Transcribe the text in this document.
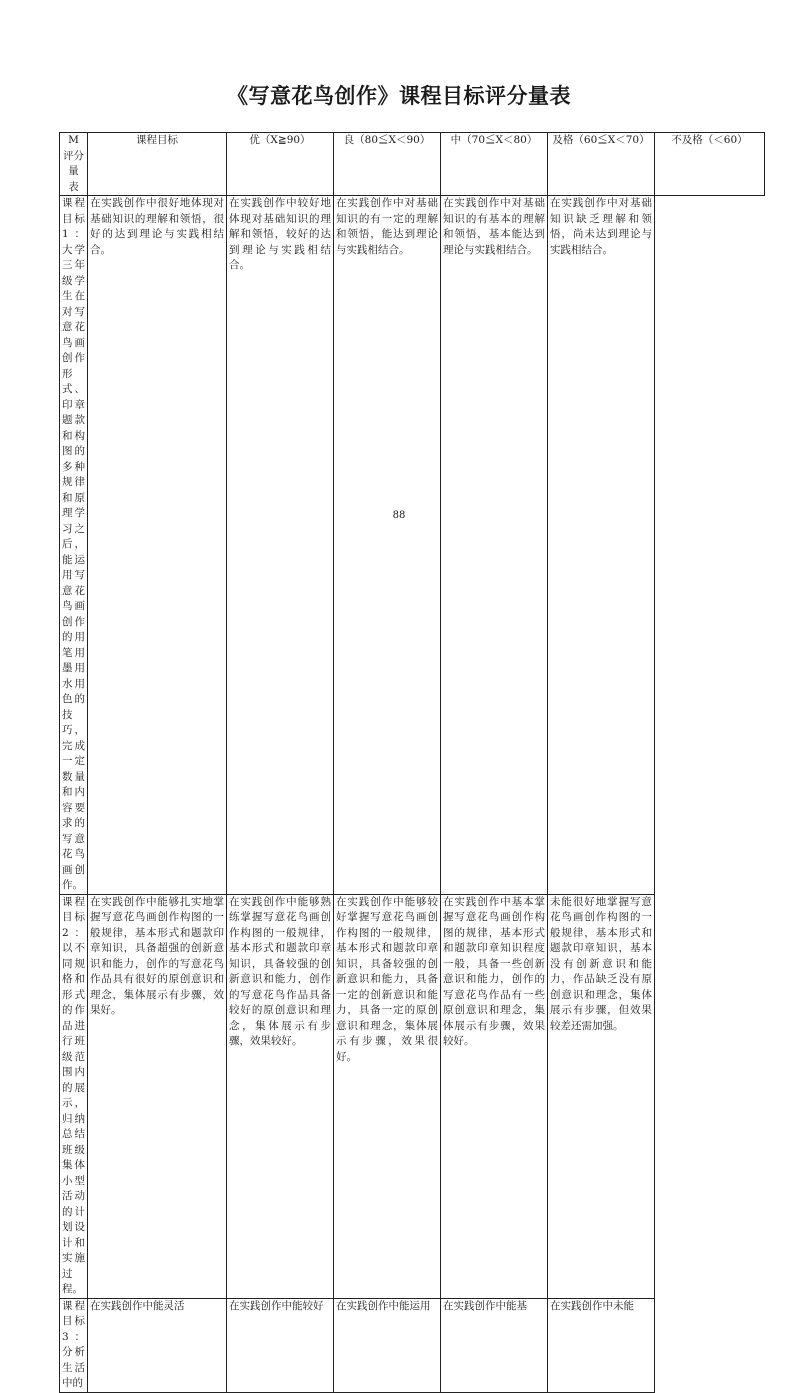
《写意花鸟创作》课程目标评分量表
M
评分量
表	课程目标	优（X≧90）	良（80≦X＜90）	中（70≦X＜80）	及格（60≦X＜70）	不及格（＜60）
课程目标 1：大学三年级学生在对写意花鸟画创作形式、印章题款和构图的多种规律和原理学习之后，能运用写意花鸟画创作的用笔用墨用水用色的技巧，完成一定数量和内容要求的写意花鸟画创作。	在实践创作中很好地体现对基础知识的理解和领悟，很好的达到理论与实践相结合。	在实践创作中较好地体现对基础知识的理解和领悟，较好的达到理论与实践相结合。	在实践创作中对基础知识的有一定的理解和领悟，能达到理论与实践相结合。	在实践创作中对基础知识的有基本的理解和领悟，基本能达到理论与实践相结合。	在实践创作中对基础知识缺乏理解和领悟，尚未达到理论与实践相结合。	
课程目标 2：以不同规格和形式的作品进行班级范围内的展示，归纳总结班级集体小型活动的计划设计和实施过程。	在实践创作中能够扎实地掌握写意花鸟画创作构图的一般规律，基本形式和题款印章知识，具备超强的创新意识和能力，创作的写意花鸟作品具有很好的原创意识和理念，集体展示有步骤，效果好。	在实践创作中能够熟练掌握写意花鸟画创作构图的一般规律，基本形式和题款印章知识，具备较强的创新意识和能力，创作的写意花鸟作品具备较好的原创意识和理念，集体展示有步骤，效果较好。	在实践创作中能够较好掌握写意花鸟画创作构图的一般规律，基本形式和题款印章知识，具备较强的创新意识和能力，具备一定的创新意识和能力，具备一定的原创意识和理念，集体展示有步骤，效果很好。	在实践创作中基本掌握写意花鸟画创作构图的规律，基本形式和题款印章知识程度一般，具备一些创新意识和能力，创作的写意花鸟作品有一些原创意识和理念，集体展示有步骤，效果较好。	未能很好地掌握写意花鸟画创作构图的一般规律，基本形式和题款印章知识，基本没有创新意识和能力，作品缺乏没有原创意识和理念，集体展示有步骤，但效果较差还需加强。	
课程目标 3：分析生活中的	在实践创作中能灵活	在实践创作中能较好	在实践创作中能运用	在实践创作中能基	在实践创作中未能	
88
